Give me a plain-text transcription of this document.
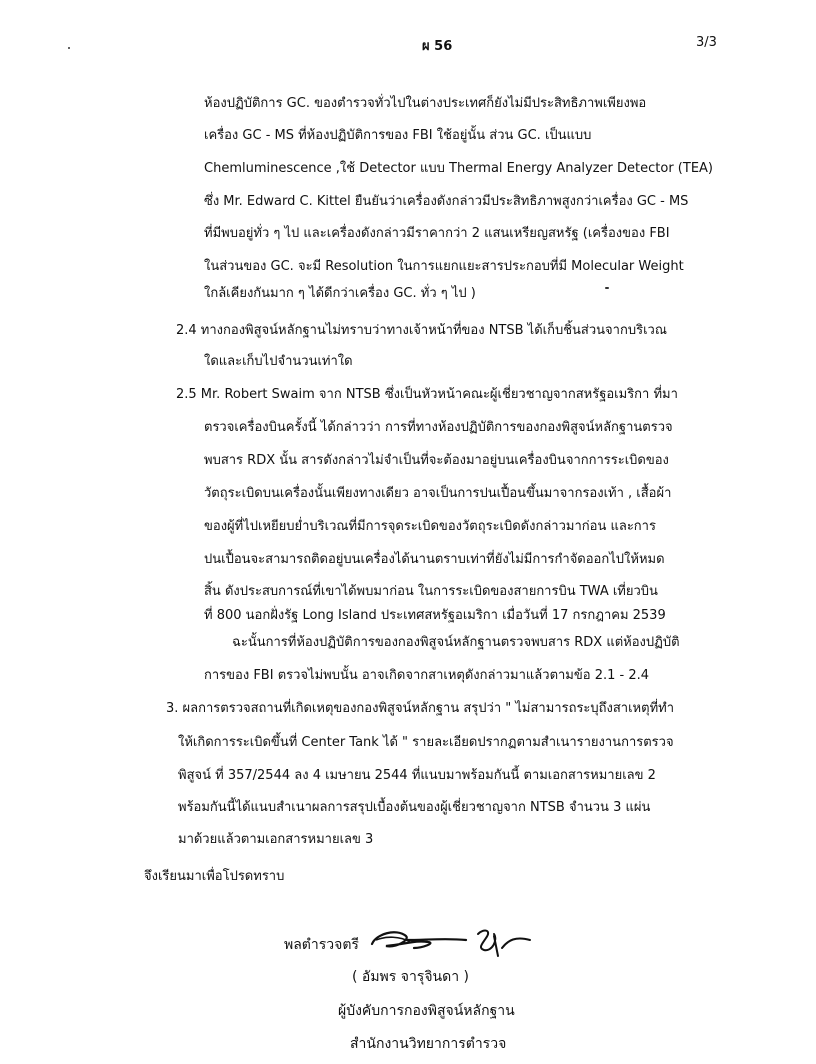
ผ 56	3/3
ห้องปฏิบัติการ GC. ของตำรวจทั่วไปในต่างประเทศก็ยังไม่มีประสิทธิภาพเพียงพอ
เครื่อง GC - MS ที่ห้องปฏิบัติการของ FBI ใช้อยู่นั้น ส่วน GC. เป็นแบบ
Chemluminescence ,ใช้ Detector แบบ Thermal Energy Analyzer Detector (TEA)
ซึ่ง Mr. Edward C. Kittel ยืนยันว่าเครื่องดังกล่าวมีประสิทธิภาพสูงกว่าเครื่อง GC - MS
ที่มีพบอยู่ทั่ว ๆ ไป และเครื่องดังกล่าวมีราคากว่า 2 แสนเหรียญสหรัฐ (เครื่องของ FBI
ในส่วนของ GC. จะมี Resolution ในการแยกแยะสารประกอบที่มี Molecular Weight
ใกล้เคียงกันมาก ๆ ได้ดีกว่าเครื่อง GC. ทั่ว ๆ ไป )
2.4 ทางกองพิสูจน์หลักฐานไม่ทราบว่าทางเจ้าหน้าที่ของ NTSB ได้เก็บชิ้นส่วนจากบริเวณ
ใดและเก็บไปจำนวนเท่าใด
2.5 Mr. Robert Swaim จาก NTSB ซึ่งเป็นหัวหน้าคณะผู้เชี่ยวชาญจากสหรัฐอเมริกา ที่มา
ตรวจเครื่องบินครั้งนี้ ได้กล่าวว่า การที่ทางห้องปฏิบัติการของกองพิสูจน์หลักฐานตรวจ
พบสาร RDX นั้น สารดังกล่าวไม่จำเป็นที่จะต้องมาอยู่บนเครื่องบินจากการระเบิดของ
วัตถุระเบิดบนเครื่องนั้นเพียงทางเดียว อาจเป็นการปนเปื้อนขึ้นมาจากรองเท้า , เสื้อผ้า
ของผู้ที่ไปเหยียบย่ำบริเวณที่มีการจุดระเบิดของวัตถุระเบิดดังกล่าวมาก่อน และการ
ปนเปื้อนจะสามารถติดอยู่บนเครื่องได้นานตราบเท่าที่ยังไม่มีการกำจัดออกไปให้หมด
สิ้น ดังประสบการณ์ที่เขาได้พบมาก่อน ในการระเบิดของสายการบิน TWA เที่ยวบิน
ที่ 800 นอกฝั่งรัฐ Long Island ประเทศสหรัฐอเมริกา เมื่อวันที่ 17 กรกฎาคม 2539
ฉะนั้นการที่ห้องปฏิบัติการของกองพิสูจน์หลักฐานตรวจพบสาร RDX แต่ห้องปฏิบัติ
การของ FBI ตรวจไม่พบนั้น อาจเกิดจากสาเหตุดังกล่าวมาแล้วตามข้อ 2.1 - 2.4
3. ผลการตรวจสถานที่เกิดเหตุของกองพิสูจน์หลักฐาน สรุปว่า " ไม่สามารถระบุถึงสาเหตุที่ทำ
ให้เกิดการระเบิดขึ้นที่ Center Tank ได้ " รายละเอียดปรากฏตามสำเนารายงานการตรวจ
พิสูจน์ ที่ 357/2544 ลง 4 เมษายน 2544 ที่แนบมาพร้อมกันนี้ ตามเอกสารหมายเลข 2
พร้อมกันนี้ได้แนบสำเนาผลการสรุปเบื้องต้นของผู้เชี่ยวชาญจาก NTSB จำนวน 3 แผ่น
มาด้วยแล้วตามเอกสารหมายเลข 3
จึงเรียนมาเพื่อโปรดทราบ
พลตำรวจตรี
( อัมพร จารุจินดา )
ผู้บังคับการกองพิสูจน์หลักฐาน
สำนักงานวิทยาการตำรวจ
